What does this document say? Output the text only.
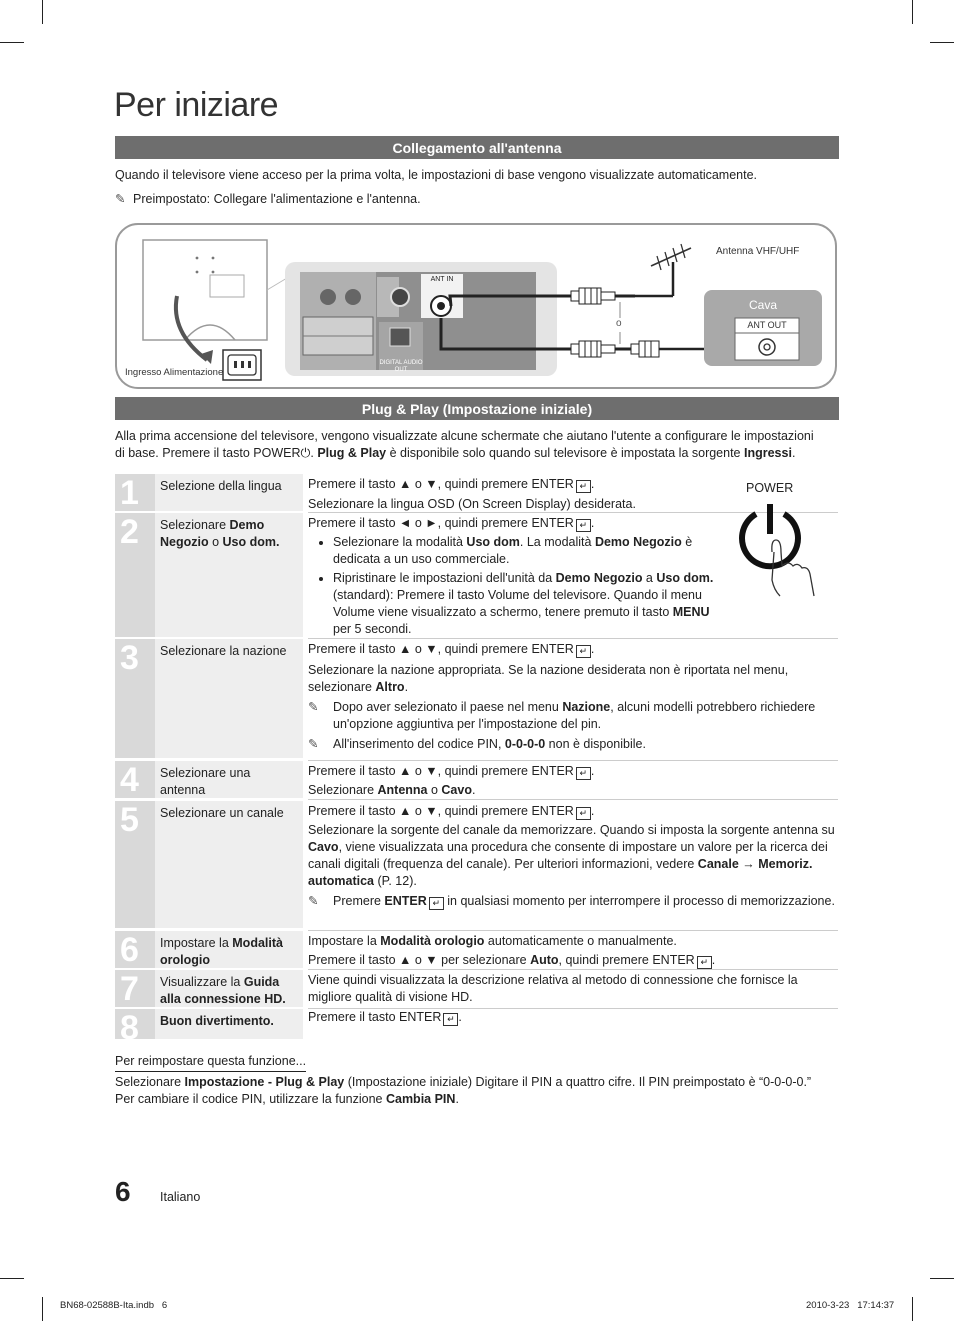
Per iniziare
Collegamento all'antenna
Quando il televisore viene acceso per la prima volta, le impostazioni di base vengono visualizzate automaticamente.
✎ Preimpostato: Collegare l'alimentazione e l'antenna.
Ingresso Alimentazione
Antenna VHF/UHF
Cava
ANT OUT
ANT IN
o
DIGITAL AUDIO OUT
Plug & Play (Impostazione iniziale)
Alla prima accensione del televisore, vengono visualizzate alcune schermate che aiutano l'utente a configurare le impostazioni
di base. Premere il tasto POWER⏻. Plug & Play è disponibile solo quando sul televisore è impostata la sorgente Ingressi.
1
2
3
4
5
6
7
8
Selezione della lingua
Selezionare Demo Negozio o Uso dom.
Selezionare la nazione
Selezionare una antenna
Selezionare un canale
Impostare la Modalità orologio
Visualizzare la Guida alla connessione HD.
Buon divertimento.

Premere il tasto ▲ o ▼, quindi premere ENTER ↵ .

Selezionare la lingua OSD (On Screen Display) desiderata.

POWER

Premere il tasto ◄ o ►, quindi premere ENTER ↵ .

• Selezionare la modalità Uso dom. La modalità Demo Negozio è dedicata a un uso commerciale.
• Ripristinare le impostazioni dell'unità da Demo Negozio a Uso dom. (standard): Premere il tasto Volume del televisore. Quando il menu Volume viene visualizzato a schermo, tenere premuto il tasto MENU per 5 secondi.

Premere il tasto ▲ o ▼, quindi premere ENTER ↵ .

Selezionare la nazione appropriata. Se la nazione desiderata non è riportata nel menu, selezionare Altro.

✎ Dopo aver selezionato il paese nel menu Nazione, alcuni modelli potrebbero richiedere un'opzione aggiuntiva per l'impostazione del pin.

✎ All'inserimento del codice PIN, 0-0-0-0 non è disponibile.

Premere il tasto ▲ o ▼, quindi premere ENTER ↵ .

Selezionare Antenna o Cavo.

Premere il tasto ▲ o ▼, quindi premere ENTER ↵ .

Selezionare la sorgente del canale da memorizzare. Quando si imposta la sorgente antenna su Cavo, viene visualizzata una procedura che consente di impostare un valore per la ricerca dei canali digitali (frequenza del canale). Per ulteriori informazioni, vedere Canale → Memoriz. automatica (P. 12).

✎ Premere ENTER ↵ in qualsiasi momento per interrompere il processo di memorizzazione.

Impostare la Modalità orologio automaticamente o manualmente.

Premere il tasto ▲ o ▼ per selezionare Auto, quindi premere ENTER ↵ .

Viene quindi visualizzata la descrizione relativa al metodo di connessione che fornisce la migliore qualità di visione HD.

Premere il tasto ENTER ↵ .

Per reimpostare questa funzione...
Selezionare Impostazione - Plug & Play (Impostazione iniziale) Digitare il PIN a quattro cifre. Il PIN preimpostato è “0-0-0-0.”
Per cambiare il codice PIN, utilizzare la funzione Cambia PIN.
6 Italiano
BN68-02588B-Ita.indb   6	2010-3-23   17:14:37
